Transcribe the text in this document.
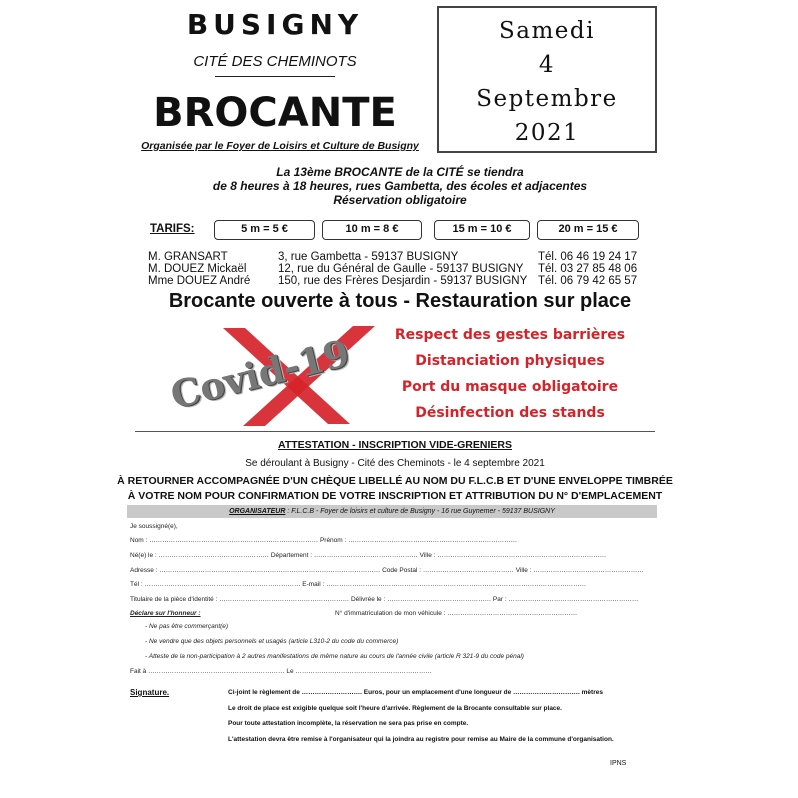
BUSIGNY
CITÉ DES CHEMINOTS
BROCANTE
Organisée par le Foyer de Loisirs et Culture de Busigny
Samedi
4
Septembre
2021
La 13ème BROCANTE de la CITÉ se tiendra
de 8 heures à 18 heures, rues Gambetta, des écoles et adjacentes
Réservation obligatoire
TARIFS:	5 m = 5 €	10 m = 8 €	15 m = 10 €	20 m = 15 €
M. GRANSART	3, rue Gambetta - 59137 BUSIGNY	Tél. 06 46 19 24 17
M. DOUEZ Mickaël	12, rue du Général de Gaulle - 59137 BUSIGNY	Tél. 03 27 85 48 06
Mme DOUEZ André	150, rue des Frères Desjardin - 59137 BUSIGNY Tél. 06 79 42 65 57
Brocante ouverte à tous - Restauration sur place
Covid-19	Respect des gestes barrières
Distanciation physiques
Port du masque obligatoire
Désinfection des stands
ATTESTATION - INSCRIPTION VIDE-GRENIERS
Se déroulant à Busigny - Cité des Cheminots - le 4 septembre 2021
À RETOURNER ACCOMPAGNÉE D'UN CHÈQUE LIBELLÉ AU NOM DU F.L.C.B ET D'UNE ENVELOPPE TIMBRÉE
À VOTRE NOM POUR CONFIRMATION DE VOTRE INSCRIPTION ET ATTRIBUTION DU N° D'EMPLACEMENT
ORGANISATEUR : F.L.C.B - Foyer de loisirs et culture de Busigny - 16 rue Guynemer - 59137 BUSIGNY
Je soussigné(e),
Nom : …………………………………………………………………… Prénom : ……………………………………………………………………
Né(e) le : …………………………………………… Département : ………………………………………… Ville : ……………………………………………………………………
Adresse : ………………………………………………………………………………………… Code Postal : …………………………………… Ville : ……………………………………………
Tél : ……………………………………………………………… E-mail : …………………………………………………………………………………………………………
Titulaire de la pièce d'identité : …………………………………………………… Délivrée le : ………………………………………… Par : ……………………………………………………
Déclare sur l'honneur :	N° d'immatriculation de mon véhicule : ……………………………………………………
- Ne pas être commerçant(e)
- Ne vendre que des objets personnels et usagés (article L310-2 du code du commerce)
- Atteste de la non-participation à 2 autres manifestations de même nature au cours de l'année civile (article R 321-9 du code pénal)
Fait à ……………………………………………………… Le ………………………………………………………
Signature.	Ci-joint le règlement de ………………………. Euros, pour un emplacement d'une longueur de …………………………. mètres
Le droit de place est exigible quelque soit l'heure d'arrivée. Règlement de la Brocante consultable sur place.
Pour toute attestation incomplète, la réservation ne sera pas prise en compte.
L'attestation devra être remise à l'organisateur qui la joindra au registre pour remise au Maire de la commune d'organisation.
IPNS
